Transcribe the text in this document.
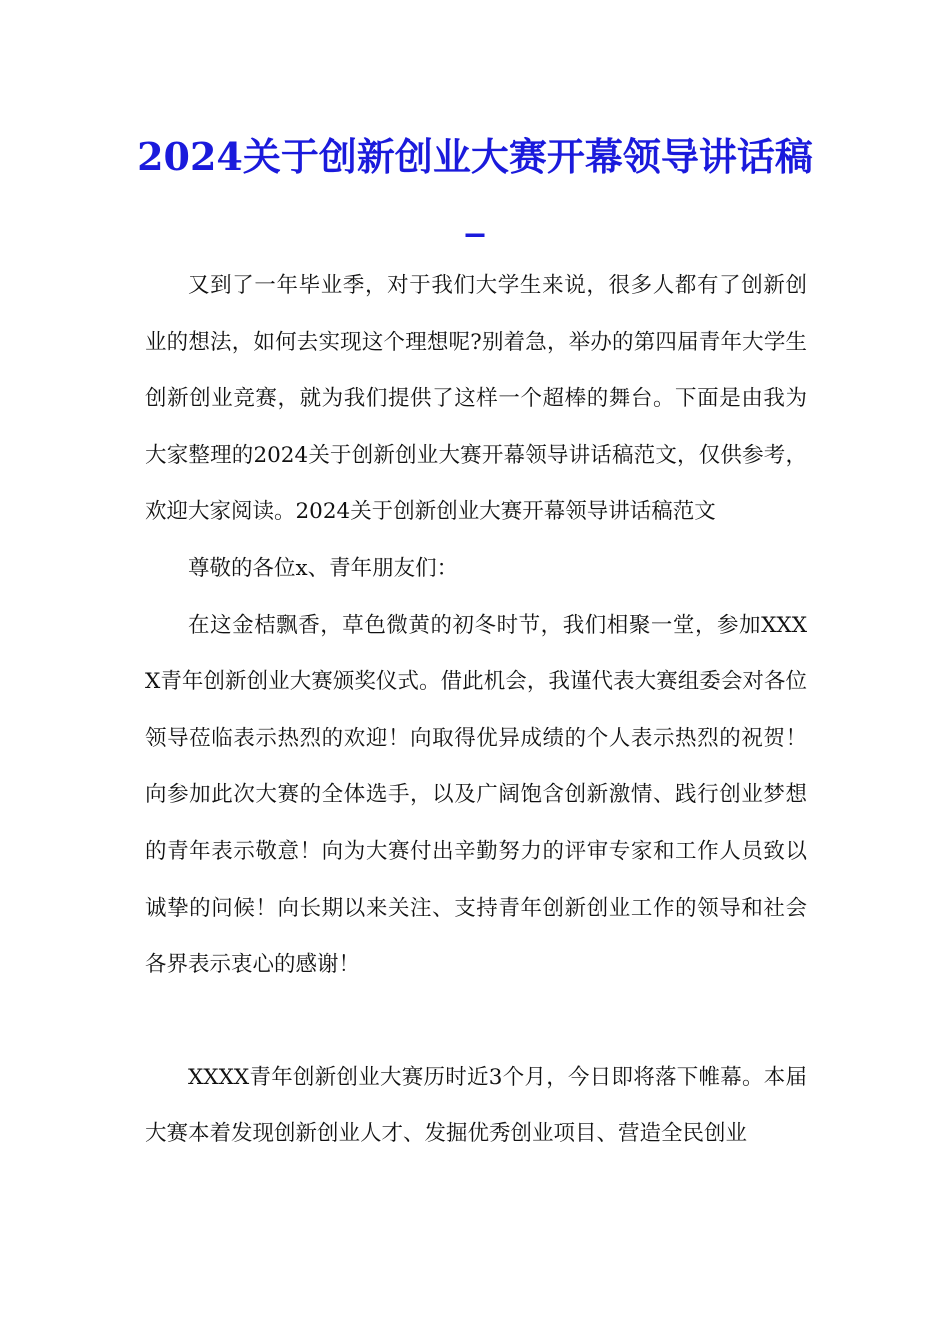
2024关于创新创业大赛开幕领导讲话稿_

又到了一年毕业季，对于我们大学生来说，很多人都有了创新创业的想法，如何去实现这个理想呢?别着急，举办的第四届青年大学生创新创业竞赛，就为我们提供了这样一个超棒的舞台。下面是由我为大家整理的2024关于创新创业大赛开幕领导讲话稿范文，仅供参考，欢迎大家阅读。2024关于创新创业大赛开幕领导讲话稿范文

尊敬的各位x、青年朋友们：

在这金桔飘香，草色微黄的初冬时节，我们相聚一堂，参加XXXX青年创新创业大赛颁奖仪式。借此机会，我谨代表大赛组委会对各位领导莅临表示热烈的欢迎！向取得优异成绩的个人表示热烈的祝贺！向参加此次大赛的全体选手，以及广阔饱含创新激情、践行创业梦想的青年表示敬意！向为大赛付出辛勤努力的评审专家和工作人员致以诚挚的问候！向长期以来关注、支持青年创新创业工作的领导和社会各界表示衷心的感谢！

XXXX青年创新创业大赛历时近3个月，今日即将落下帷幕。本届大赛本着发现创新创业人才、发掘优秀创业项目、营造全民创业
